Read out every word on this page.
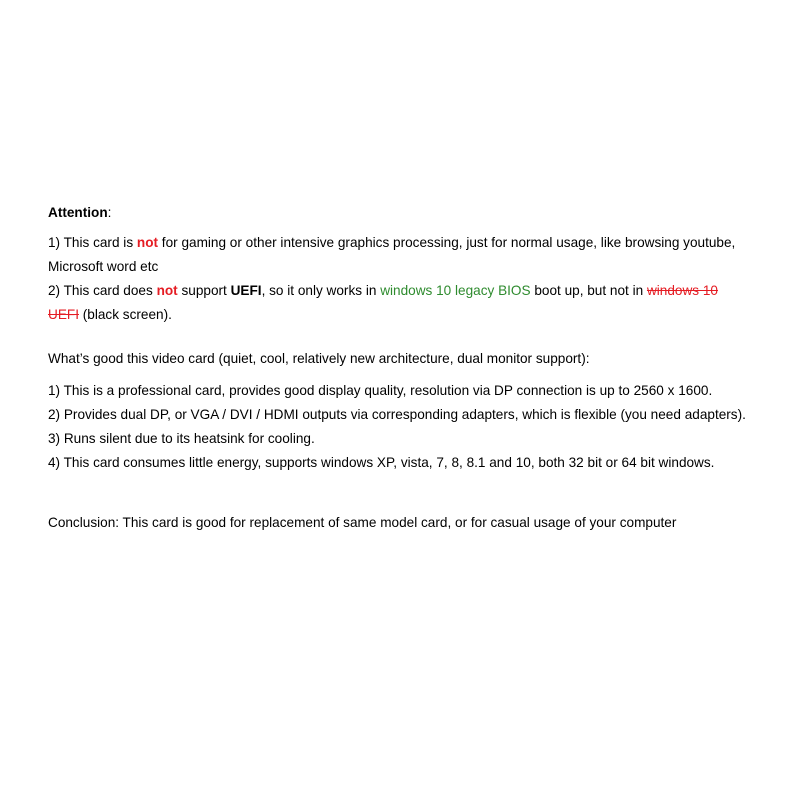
Attention:
1) This card is not for gaming or other intensive graphics processing, just for normal usage, like browsing youtube,
Microsoft word etc
2) This card does not support UEFI, so it only works in windows 10 legacy BIOS boot up, but not in windows 10
UEFI (black screen).
What’s good this video card (quiet, cool, relatively new architecture, dual monitor support):
1) This is a professional card, provides good display quality, resolution via DP connection is up to 2560 x 1600.
2) Provides dual DP, or VGA / DVI / HDMI outputs via corresponding adapters, which is flexible (you need adapters).
3) Runs silent due to its heatsink for cooling.
4) This card consumes little energy, supports windows XP, vista, 7, 8, 8.1 and 10, both 32 bit or 64 bit windows.
Conclusion: This card is good for replacement of same model card, or for casual usage of your computer
